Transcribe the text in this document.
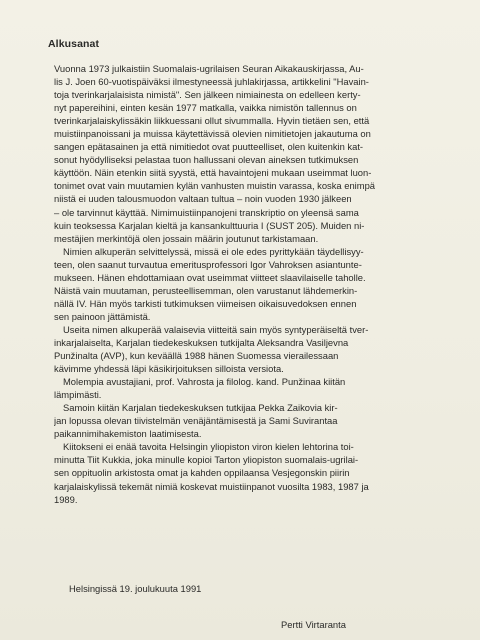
Alkusanat
Vuonna 1973 julkaistiin Suomalais-ugrilaisen Seuran Aikakauskirjassa, Au-
lis J. Joen 60-vuotispäiväksi ilmestyneessä juhlakirjassa, artikkelini "Havain-
toja tverinkarjalaisista nimistä". Sen jälkeen nimiainesta on edelleen kerty-
nyt papereihini, einten kesän 1977 matkalla, vaikka nimistön tallennus on
tverinkarjalaiskylissäkin liikkuessani ollut sivummalla. Hyvin tietäen sen, että
muistiinpanoissani ja muissa käytettävissä olevien nimitietojen jakautuma on
sangen epätasainen ja että nimitiedot ovat puutteelliset, olen kuitenkin kat-
sonut hyödylliseksi pelastaa tuon hallussani olevan aineksen tutkimuksen
käyttöön. Näin etenkin siitä syystä, että havaintojeni mukaan useimmat luon-
tonimet ovat vain muutamien kylän vanhusten muistin varassa, koska enimpä
niistä ei uuden talousmuodon valtaan tultua – noin vuoden 1930 jälkeen
– ole tarvinnut käyttää. Nimimuistiinpanojeni transkriptio on yleensä sama
kuin teoksessa Karjalan kieltä ja kansankulttuuria I (SUST 205). Muiden ni-
mestäjien merkintöjä olen jossain määrin joutunut tarkistamaan.
Nimien alkuperän selvittelyssä, missä ei ole edes pyrittykään täydellisyy-
teen, olen saanut turvautua emeritusprofessori Igor Vahroksen asiantunte-
mukseen. Hänen ehdottamiaan ovat useimmat viitteet slaavilaiselle taholle.
Näistä vain muutaman, perusteellisemman, olen varustanut lähdemerkin-
nällä IV. Hän myös tarkisti tutkimuksen viimeisen oikaisuvedoksen ennen
sen painoon jättämistä.
Useita nimen alkuperää valaisevia viitteitä sain myös syntyperäiseltä tver-
inkarjalaiselta, Karjalan tiedekeskuksen tutkijalta Aleksandra Vasiljevna
Punžinalta (AVP), kun keväällä 1988 hänen Suomessa vierailessaan
kävimme yhdessä läpi käsikirjoituksen silloista versiota.
Molempia avustajiani, prof. Vahrosta ja filolog. kand. Punžinaa kiitän
lämpimästi.
Samoin kiitän Karjalan tiedekeskuksen tutkijaa Pekka Zaikovia kir-
jan lopussa olevan tiivistelmän venäjäntämisestä ja Sami Suvirantaa
paikannimihakemiston laatimisesta.
Kiitokseni ei enää tavoita Helsingin yliopiston viron kielen lehtorina toi-
minutta Tiit Kukkia, joka minulle kopioi Tarton yliopiston suomalais-ugrilai-
sen oppituolin arkistosta omat ja kahden oppilaansa Vesjegonskin piirin
karjalaiskylissä tekemät nimiä koskevat muistiinpanot vuosilta 1983, 1987 ja
1989.
Helsingissä 19. joulukuuta 1991
Pertti Virtaranta
